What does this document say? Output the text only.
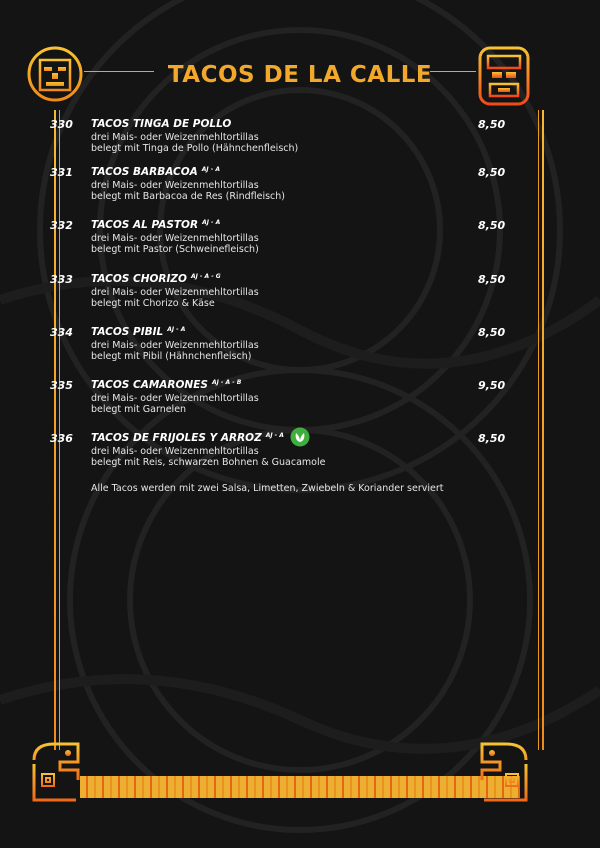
TACOS DE LA CALLE
330 TACOS TINGA DE POLLO	8,50
drei Mais- oder Weizenmehltortillas
belegt mit Tinga de Pollo (Hähnchenfleisch)
331 TACOS BARBACOA $^{AJ - A}$	8,50
drei Mais- oder Weizenmehltortillas
belegt mit Barbacoa de Res (Rindfleisch)
332 TACOS AL PASTOR $^{AJ - A}$	8,50
drei Mais- oder Weizenmehltortillas
belegt mit Pastor (Schweinefleisch)
333 TACOS CHORIZO $^{AJ - A - G}$	8,50
drei Mais- oder Weizenmehltortillas
belegt mit Chorizo & Käse
334 TACOS PIBIL $^{AJ - A}$	8,50
drei Mais- oder Weizenmehltortillas
belegt mit Pibil (Hähnchenfleisch)
335 TACOS CAMARONES $^{AJ - A - B}$	9,50
drei Mais- oder Weizenmehltortillas
belegt mit Garnelen
336 TACOS DE FRIJOLES Y ARROZ $^{AJ - A}$	8,50
drei Mais- oder Weizenmehltortillas
belegt mit Reis, schwarzen Bohnen & Guacamole
Alle Tacos werden mit zwei Salsa, Limetten, Zwiebeln & Koriander serviert
